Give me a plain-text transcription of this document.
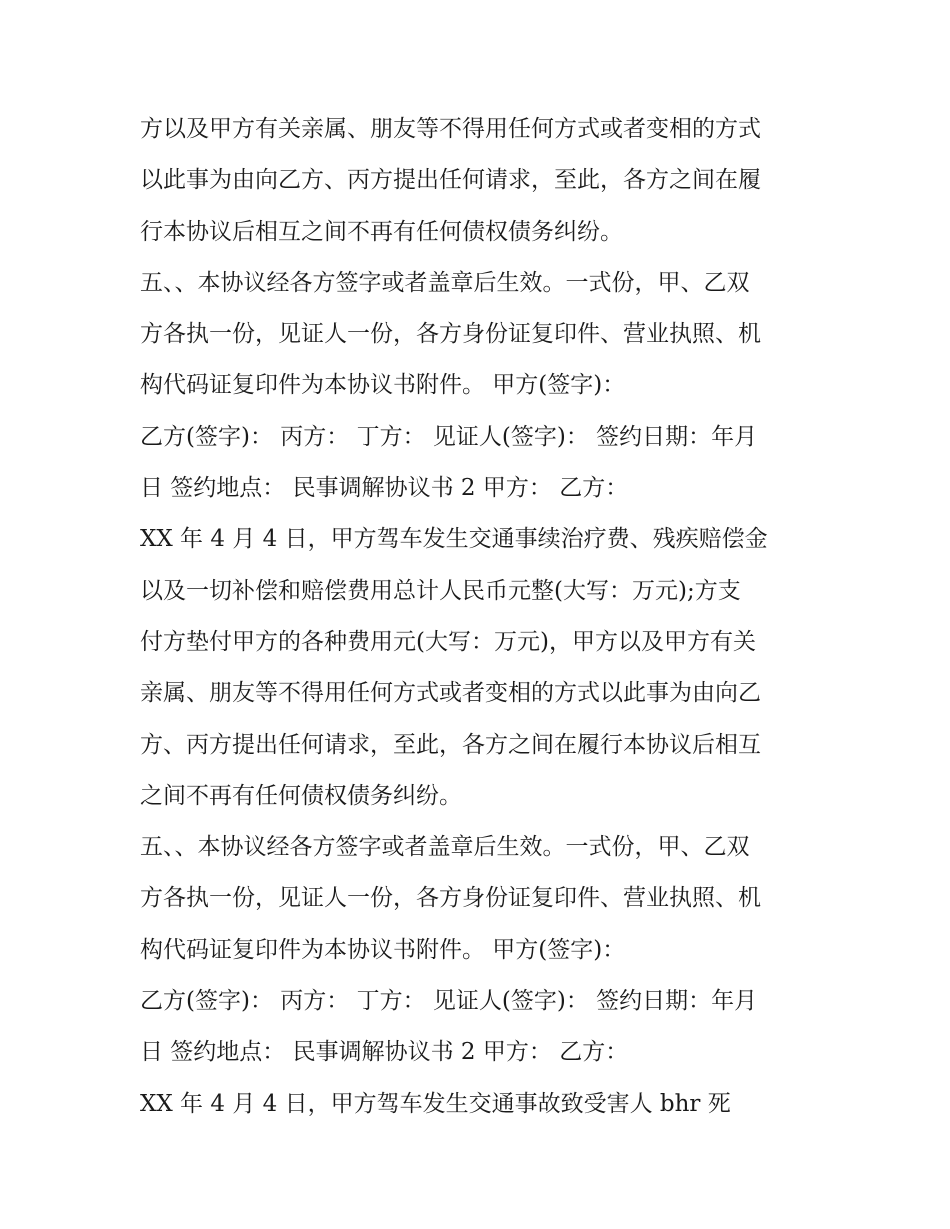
方以及甲方有关亲属、朋友等不得用任何方式或者变相的方式
以此事为由向乙方、丙方提出任何请求，至此，各方之间在履
行本协议后相互之间不再有任何债权债务纠纷。
五、、本协议经各方签字或者盖章后生效。一式份，甲、乙双
方各执一份，见证人一份，各方身份证复印件、营业执照、机
构代码证复印件为本协议书附件。 甲方(签字)：
乙方(签字)： 丙方： 丁方： 见证人(签字)： 签约日期：年月
日 签约地点： 民事调解协议书 2 甲方： 乙方：
XX 年 4 月 4 日，甲方驾车发生交通事续治疗费、残疾赔偿金
以及一切补偿和赔偿费用总计人民币元整(大写：万元);方支
付方垫付甲方的各种费用元(大写：万元)，甲方以及甲方有关
亲属、朋友等不得用任何方式或者变相的方式以此事为由向乙
方、丙方提出任何请求，至此，各方之间在履行本协议后相互
之间不再有任何债权债务纠纷。
五、、本协议经各方签字或者盖章后生效。一式份，甲、乙双
方各执一份，见证人一份，各方身份证复印件、营业执照、机
构代码证复印件为本协议书附件。 甲方(签字)：
乙方(签字)： 丙方： 丁方： 见证人(签字)： 签约日期：年月
日 签约地点： 民事调解协议书 2 甲方： 乙方：
XX 年 4 月 4 日，甲方驾车发生交通事故致受害人 bhr 死
